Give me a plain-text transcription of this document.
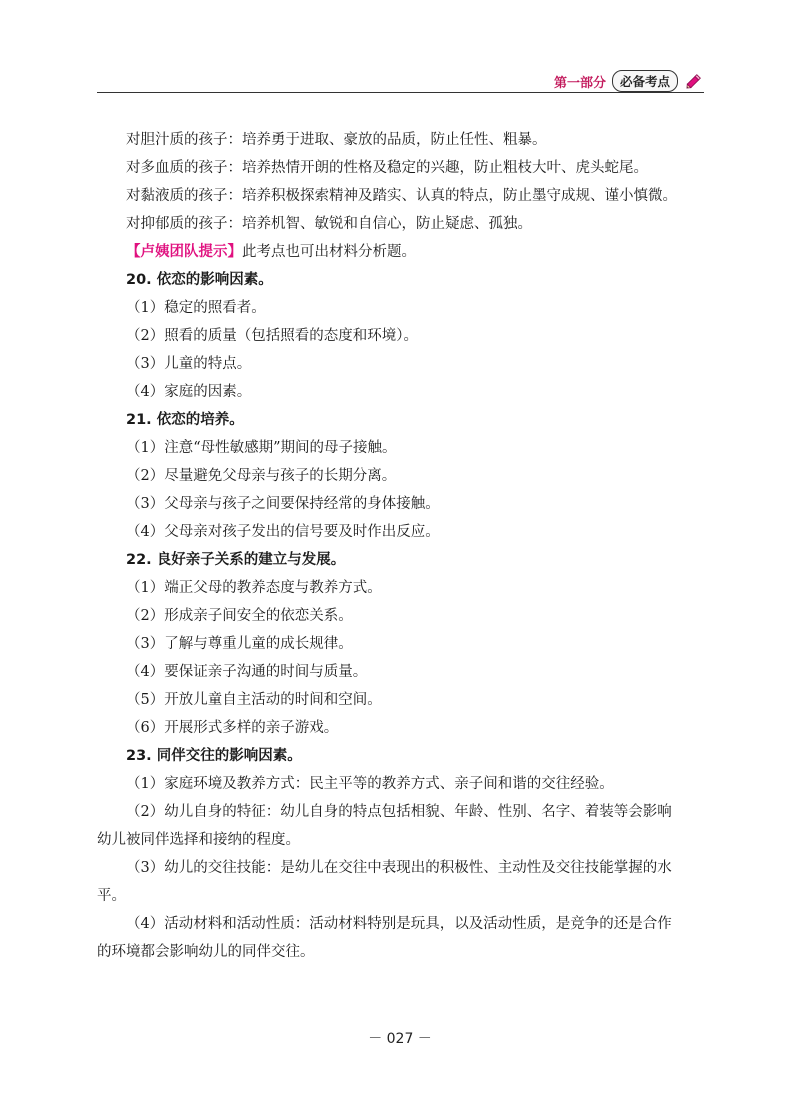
第一部分	必备考点
对胆汁质的孩子：培养勇于进取、豪放的品质，防止任性、粗暴。
对多血质的孩子：培养热情开朗的性格及稳定的兴趣，防止粗枝大叶、虎头蛇尾。
对黏液质的孩子：培养积极探索精神及踏实、认真的特点，防止墨守成规、谨小慎微。
对抑郁质的孩子：培养机智、敏锐和自信心，防止疑虑、孤独。
【卢姨团队提示】此考点也可出材料分析题。
20. 依恋的影响因素。
（1）稳定的照看者。
（2）照看的质量（包括照看的态度和环境）。
（3）儿童的特点。
（4）家庭的因素。
21. 依恋的培养。
（1）注意“母性敏感期”期间的母子接触。
（2）尽量避免父母亲与孩子的长期分离。
（3）父母亲与孩子之间要保持经常的身体接触。
（4）父母亲对孩子发出的信号要及时作出反应。
22. 良好亲子关系的建立与发展。
（1）端正父母的教养态度与教养方式。
（2）形成亲子间安全的依恋关系。
（3）了解与尊重儿童的成长规律。
（4）要保证亲子沟通的时间与质量。
（5）开放儿童自主活动的时间和空间。
（6）开展形式多样的亲子游戏。
23. 同伴交往的影响因素。
（1）家庭环境及教养方式：民主平等的教养方式、亲子间和谐的交往经验。
（2）幼儿自身的特征：幼儿自身的特点包括相貌、年龄、性别、名字、着装等会影响
幼儿被同伴选择和接纳的程度。
（3）幼儿的交往技能：是幼儿在交往中表现出的积极性、主动性及交往技能掌握的水
平。
（4）活动材料和活动性质：活动材料特别是玩具，以及活动性质，是竞争的还是合作
的环境都会影响幼儿的同伴交往。
－ 027 －
